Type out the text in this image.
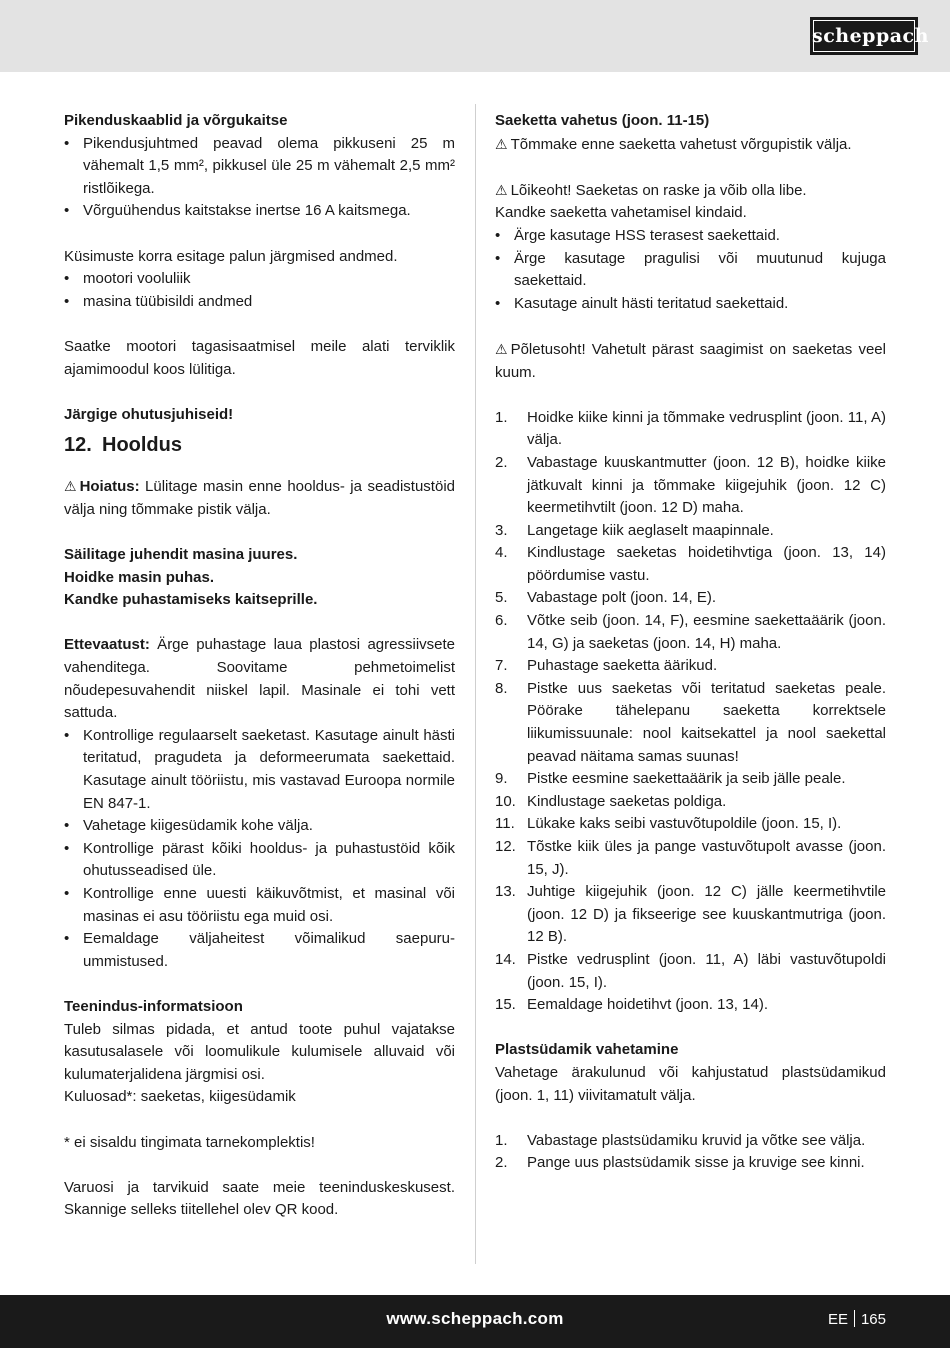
scheppach

Pikenduskaablid ja võrgukaitse

• Pikendusjuhtmed peavad olema pikkuseni 25 m vähemalt 1,5 mm², pikkusel üle 25 m vähemalt 2,5 mm² ristlõikega.
• Võrguühendus kaitstakse inertse 16 A kaitsmega.

Küsimuste korra esitage palun järgmised andmed.

• mootori vooluliik
• masina tüübisildi andmed

Saatke mootori tagasisaatmisel meile alati terviklik ajamimoodul koos lülitiga.

Järgige ohutusjuhiseid!

12. Hooldus

⚠ Hoiatus: Lülitage masin enne hooldus- ja seadistustöid välja ning tõmmake pistik välja.

Säilitage juhendit masina juures.

Hoidke masin puhas.

Kandke puhastamiseks kaitseprille.

Ettevaatust: Ärge puhastage laua plastosi agressiivsete vahenditega. Soovitame pehmetoimelist nõudepesuvahendit niiskel lapil. Masinale ei tohi vett sattuda.

• Kontrollige regulaarselt saeketast. Kasutage ainult hästi teritatud, pragudeta ja deformeerumata saekettaid. Kasutage ainult tööriistu, mis vastavad Euroopa normile EN 847-1.
• Vahetage kiigesüdamik kohe välja.
• Kontrollige pärast kõiki hooldus- ja puhastustöid kõik ohutusseadised üle.
• Kontrollige enne uuesti käikuvõtmist, et masinal või masinas ei asu tööriistu ega muid osi.
• Eemaldage väljaheitest võimalikud saepuru-ummistused.

Teenindus-informatsioon

Tuleb silmas pidada, et antud toote puhul vajatakse kasutusalasele või loomulikule kulumisele alluvaid või kulumaterjalidena järgmisi osi.

Kuluosad*: saeketas, kiigesüdamik

* ei sisaldu tingimata tarnekomplektis!

Varuosi ja tarvikuid saate meie teeninduskeskusest. Skannige selleks tiitellehel olev QR kood.

Saeketta vahetus (joon. 11-15)

⚠ Tõmmake enne saeketta vahetust võrgupistik välja.

⚠ Lõikeoht! Saeketas on raske ja võib olla libe.

Kandke saeketta vahetamisel kindaid.

• Ärge kasutage HSS terasest saekettaid.
• Ärge kasutage pragulisi või muutunud kujuga saekettaid.
• Kasutage ainult hästi teritatud saekettaid.

⚠ Põletusoht! Vahetult pärast saagimist on saeketas veel kuum.

1. Hoidke kiike kinni ja tõmmake vedrusplint (joon. 11, A) välja.
2. Vabastage kuuskantmutter (joon. 12 B), hoidke kiike jätkuvalt kinni ja tõmmake kiigejuhik (joon. 12 C) keermetihvtilt (joon. 12 D) maha.
3. Langetage kiik aeglaselt maapinnale.
4. Kindlustage saeketas hoidetihvtiga (joon. 13, 14) pöördumise vastu.
5. Vabastage polt (joon. 14, E).
6. Võtke seib (joon. 14, F), eesmine saekettaäärik (joon. 14, G) ja saeketas (joon. 14, H) maha.
7. Puhastage saeketta äärikud.
8. Pistke uus saeketas või teritatud saeketas peale. Pöörake tähelepanu saeketta korrektsele liikumissuunale: nool kaitsekattel ja nool saekettal peavad näitama samas suunas!
9. Pistke eesmine saekettaäärik ja seib jälle peale.
10. Kindlustage saeketas poldiga.
11. Lükake kaks seibi vastuvõtupoldile (joon. 15, I).
12. Tõstke kiik üles ja pange vastuvõtupolt avasse (joon. 15, J).
13. Juhtige kiigejuhik (joon. 12 C) jälle keermetihvtile (joon. 12 D) ja fikseerige see kuuskantmutriga (joon. 12 B).
14. Pistke vedrusplint (joon. 11, A) läbi vastuvõtupoldi (joon. 15, I).
15. Eemaldage hoidetihvt (joon. 13, 14).

Plastsüdamik vahetamine

Vahetage ärakulunud või kahjustatud plastsüdamikud (joon. 1, 11) viivitamatult välja.

1. Vabastage plastsüdamiku kruvid ja võtke see välja.
2. Pange uus plastsüdamik sisse ja kruvige see kinni.
www.scheppach.com	EE 165
